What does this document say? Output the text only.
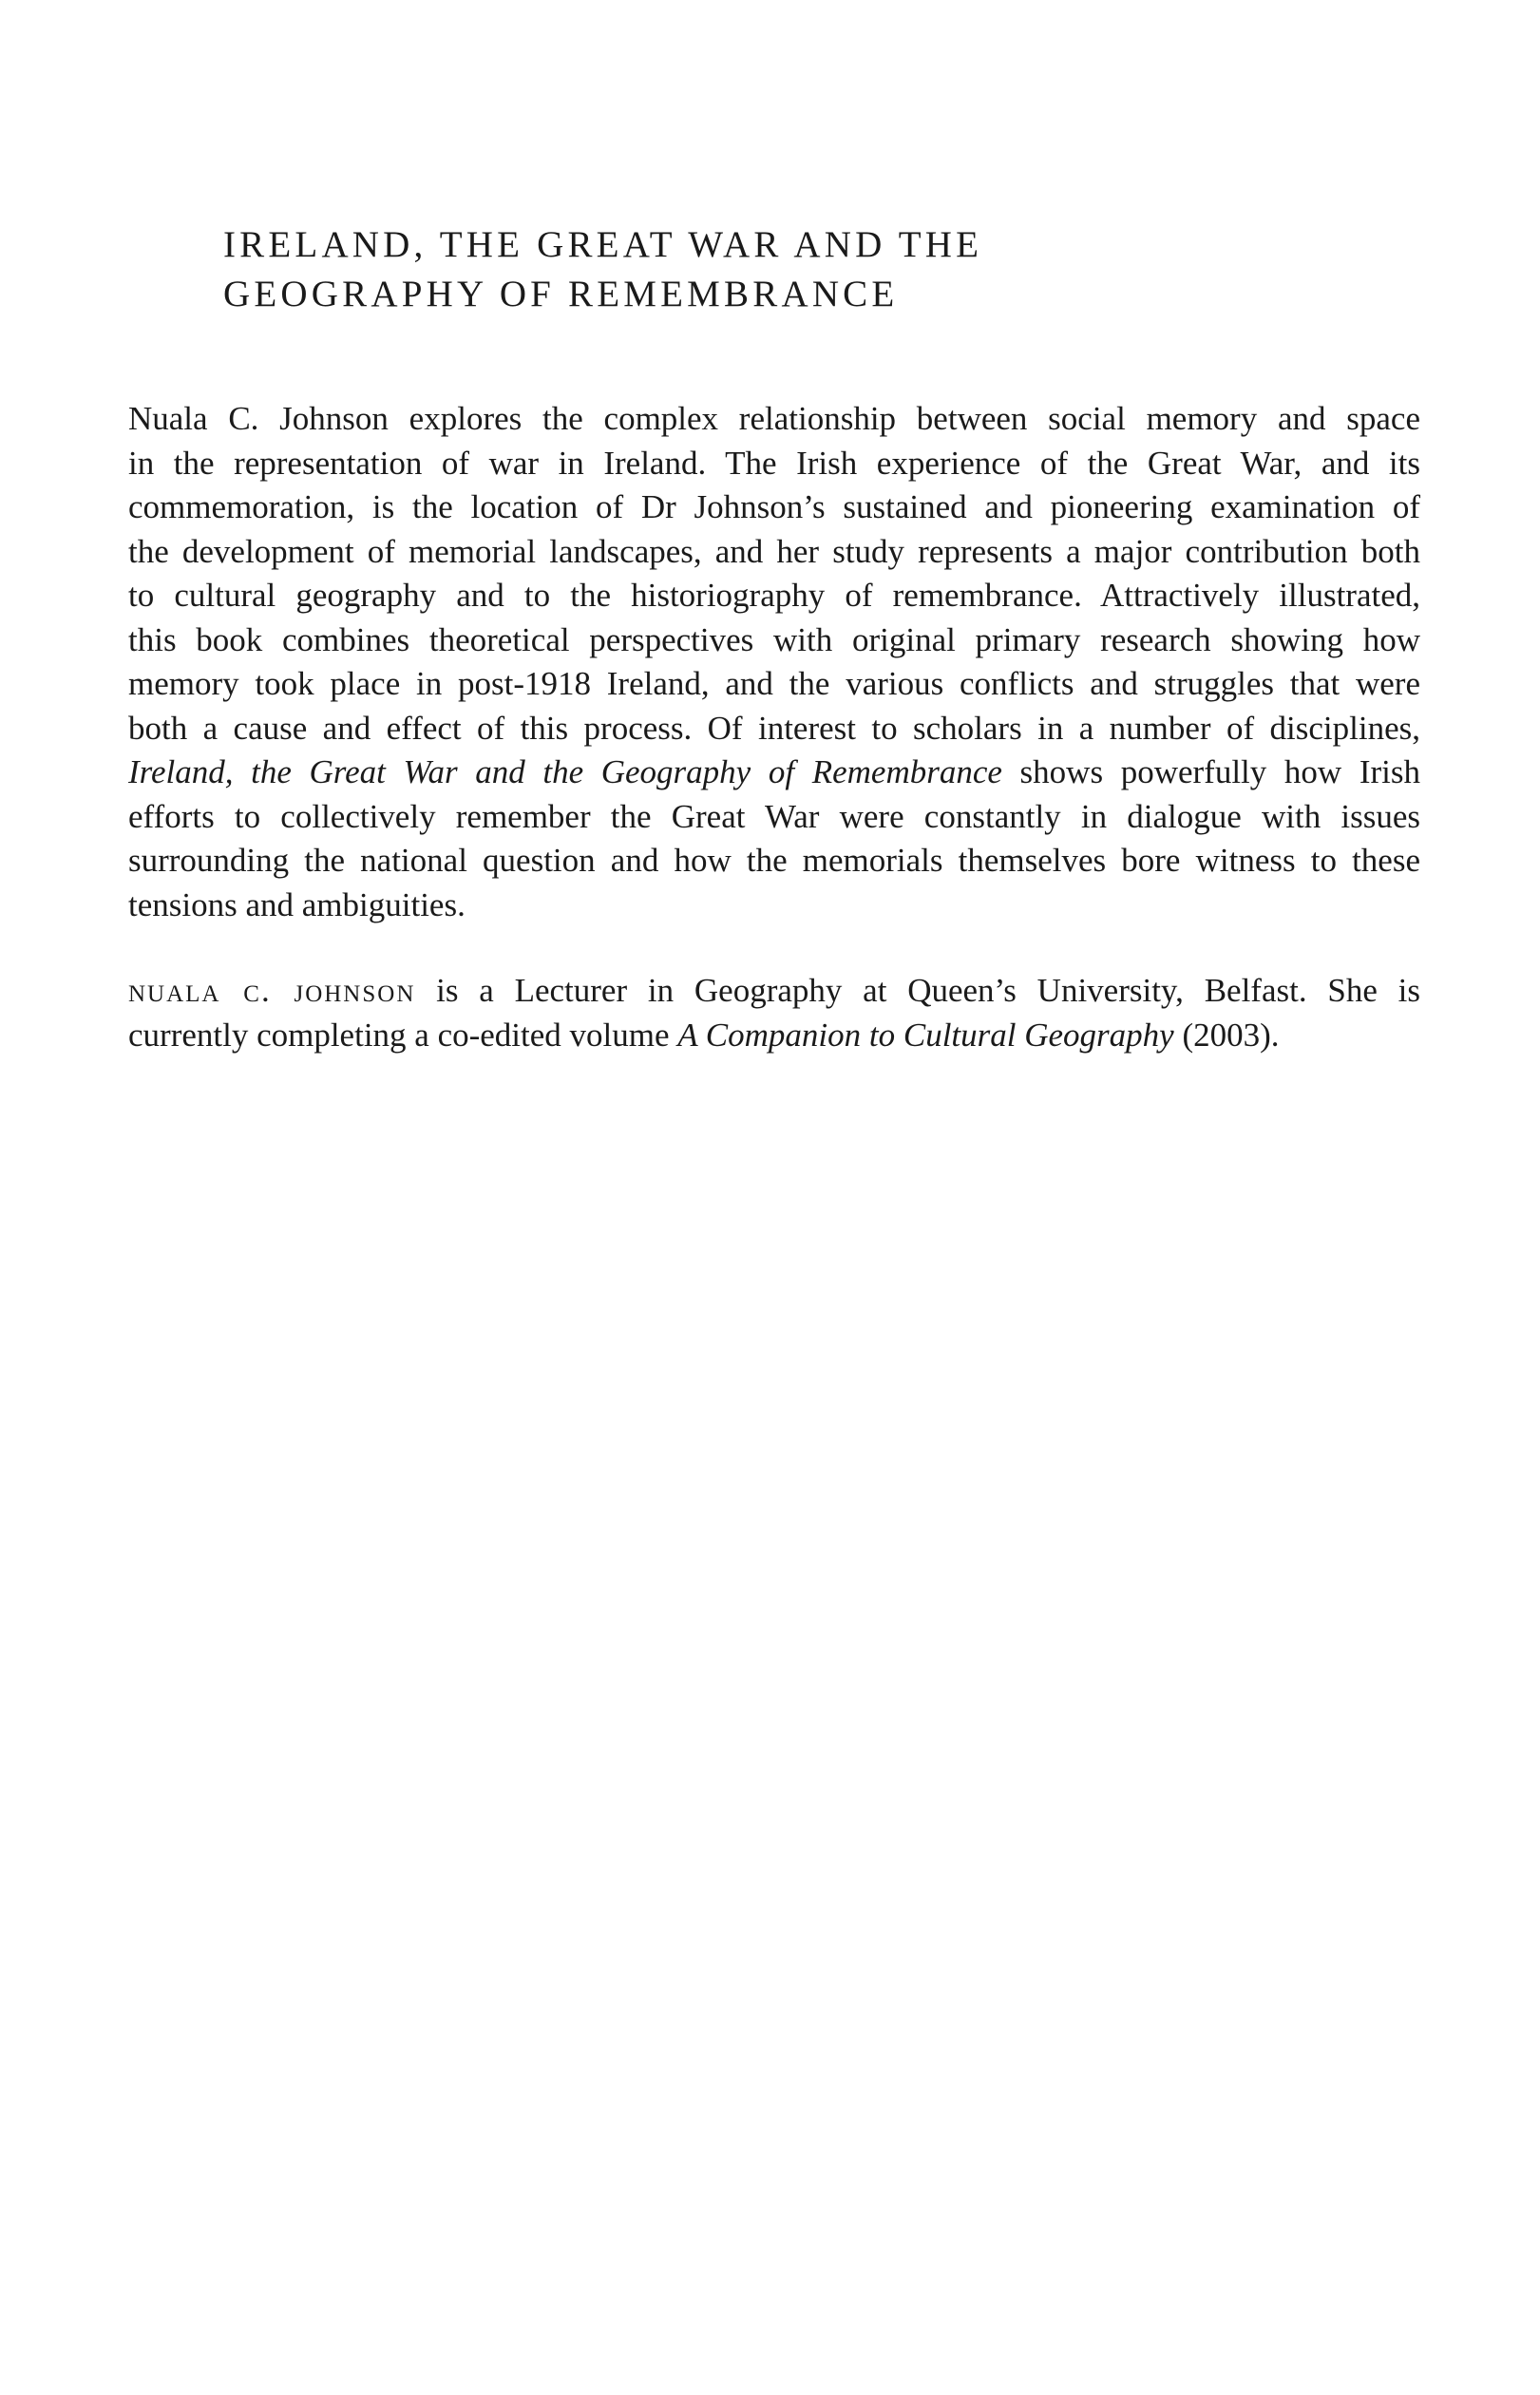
IRELAND, THE GREAT WAR AND THE
GEOGRAPHY OF REMEMBRANCE
Nuala C. Johnson explores the complex relationship between social memory and space
in the representation of war in Ireland. The Irish experience of the Great War, and its
commemoration, is the location of Dr Johnson’s sustained and pioneering examination of
the development of memorial landscapes, and her study represents a major contribution both
to cultural geography and to the historiography of remembrance. Attractively illustrated,
this book combines theoretical perspectives with original primary research showing how
memory took place in post-1918 Ireland, and the various conflicts and struggles that were
both a cause and effect of this process. Of interest to scholars in a number of disciplines,
Ireland, the Great War and the Geography of Remembrance shows powerfully how Irish
efforts to collectively remember the Great War were constantly in dialogue with issues
surrounding the national question and how the memorials themselves bore witness to these
tensions and ambiguities.
nuala c. johnson is a Lecturer in Geography at Queen’s University, Belfast. She is
currently completing a co-edited volume A Companion to Cultural Geography (2003).
